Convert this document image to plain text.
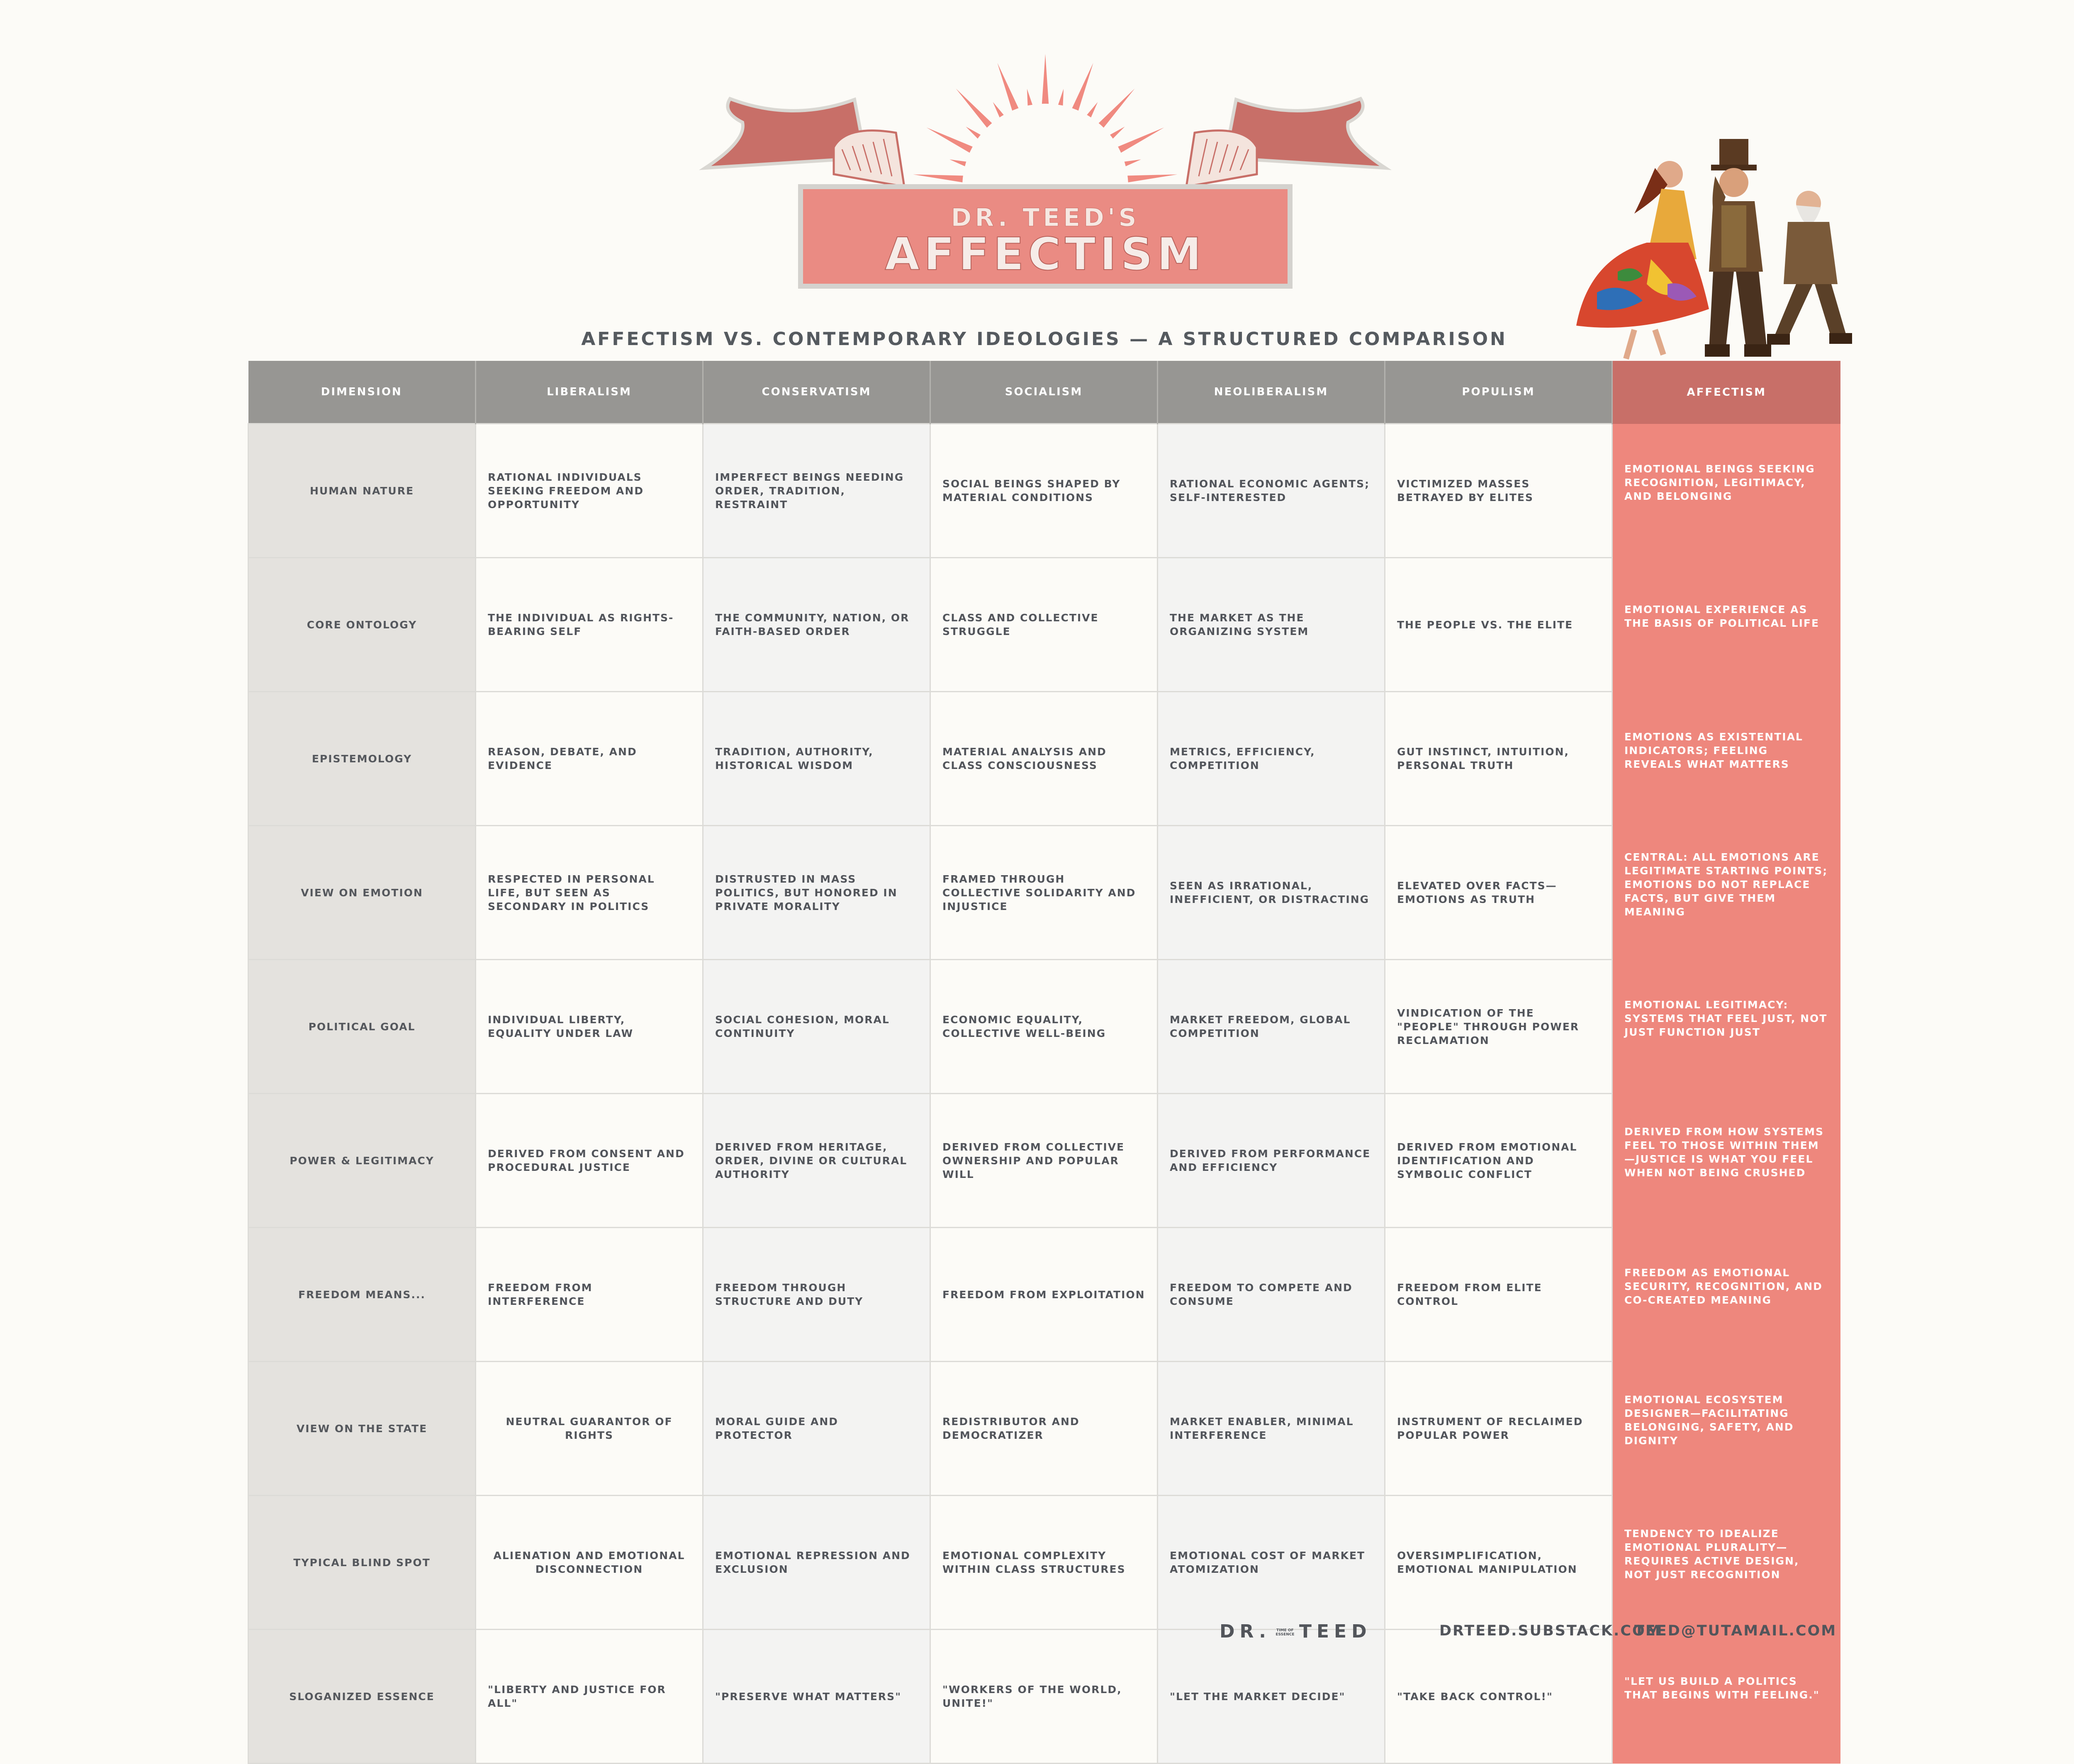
DR. TEED'S
AFFECTISM
AFFECTISM VS. CONTEMPORARY IDEOLOGIES — A STRUCTURED COMPARISON
DIMENSION	LIBERALISM	CONSERVATISM	SOCIALISM	NEOLIBERALISM	POPULISM	AFFECTISM
HUMAN NATURE	RATIONAL INDIVIDUALS SEEKING FREEDOM AND OPPORTUNITY	IMPERFECT BEINGS NEEDING ORDER, TRADITION, RESTRAINT	SOCIAL BEINGS SHAPED BY MATERIAL CONDITIONS	RATIONAL ECONOMIC AGENTS; SELF-INTERESTED	VICTIMIZED MASSES BETRAYED BY ELITES	EMOTIONAL BEINGS SEEKING RECOGNITION, LEGITIMACY, AND BELONGING
CORE ONTOLOGY	THE INDIVIDUAL AS RIGHTS-BEARING SELF	THE COMMUNITY, NATION, OR FAITH-BASED ORDER	CLASS AND COLLECTIVE STRUGGLE	THE MARKET AS THE ORGANIZING SYSTEM	THE PEOPLE VS. THE ELITE	EMOTIONAL EXPERIENCE AS THE BASIS OF POLITICAL LIFE
EPISTEMOLOGY	REASON, DEBATE, AND EVIDENCE	TRADITION, AUTHORITY, HISTORICAL WISDOM	MATERIAL ANALYSIS AND CLASS CONSCIOUSNESS	METRICS, EFFICIENCY, COMPETITION	GUT INSTINCT, INTUITION, PERSONAL TRUTH	EMOTIONS AS EXISTENTIAL INDICATORS; FEELING REVEALS WHAT MATTERS
VIEW ON EMOTION	RESPECTED IN PERSONAL LIFE, BUT SEEN AS SECONDARY IN POLITICS	DISTRUSTED IN MASS POLITICS, BUT HONORED IN PRIVATE MORALITY	FRAMED THROUGH COLLECTIVE SOLIDARITY AND INJUSTICE	SEEN AS IRRATIONAL, INEFFICIENT, OR DISTRACTING	ELEVATED OVER FACTS—EMOTIONS AS TRUTH	CENTRAL: ALL EMOTIONS ARE LEGITIMATE STARTING POINTS; EMOTIONS DO NOT REPLACE FACTS, BUT GIVE THEM MEANING
POLITICAL GOAL	INDIVIDUAL LIBERTY, EQUALITY UNDER LAW	SOCIAL COHESION, MORAL CONTINUITY	ECONOMIC EQUALITY, COLLECTIVE WELL-BEING	MARKET FREEDOM, GLOBAL COMPETITION	VINDICATION OF THE "PEOPLE" THROUGH POWER RECLAMATION	EMOTIONAL LEGITIMACY: SYSTEMS THAT FEEL JUST, NOT JUST FUNCTION JUST
POWER & LEGITIMACY	DERIVED FROM CONSENT AND PROCEDURAL JUSTICE	DERIVED FROM HERITAGE, ORDER, DIVINE OR CULTURAL AUTHORITY	DERIVED FROM COLLECTIVE OWNERSHIP AND POPULAR WILL	DERIVED FROM PERFORMANCE AND EFFICIENCY	DERIVED FROM EMOTIONAL IDENTIFICATION AND SYMBOLIC CONFLICT	DERIVED FROM HOW SYSTEMS FEEL TO THOSE WITHIN THEM—JUSTICE IS WHAT YOU FEEL WHEN NOT BEING CRUSHED
FREEDOM MEANS...	FREEDOM FROM INTERFERENCE	FREEDOM THROUGH STRUCTURE AND DUTY	FREEDOM FROM EXPLOITATION	FREEDOM TO COMPETE AND CONSUME	FREEDOM FROM ELITE CONTROL	FREEDOM AS EMOTIONAL SECURITY, RECOGNITION, AND CO-CREATED MEANING
VIEW ON THE STATE	NEUTRAL GUARANTOR OF RIGHTS	MORAL GUIDE AND PROTECTOR	REDISTRIBUTOR AND DEMOCRATIZER	MARKET ENABLER, MINIMAL INTERFERENCE	INSTRUMENT OF RECLAIMED POPULAR POWER	EMOTIONAL ECOSYSTEM DESIGNER—FACILITATING BELONGING, SAFETY, AND DIGNITY
TYPICAL BLIND SPOT	ALIENATION AND EMOTIONAL DISCONNECTION	EMOTIONAL REPRESSION AND EXCLUSION	EMOTIONAL COMPLEXITY WITHIN CLASS STRUCTURES	EMOTIONAL COST OF MARKET ATOMIZATION	OVERSIMPLIFICATION, EMOTIONAL MANIPULATION	TENDENCY TO IDEALIZE EMOTIONAL PLURALITY—REQUIRES ACTIVE DESIGN, NOT JUST RECOGNITION
SLOGANIZED ESSENCE	"LIBERTY AND JUSTICE FOR ALL"	"PRESERVE WHAT MATTERS"	"WORKERS OF THE WORLD, UNITE!"	"LET THE MARKET DECIDE"	"TAKE BACK CONTROL!"	"LET US BUILD A POLITICS THAT BEGINS WITH FEELING."
DR. TIME OF ESSENCE TEED	DRTEED.SUBSTACK.COM
TEED@TUTAMAIL.COM
